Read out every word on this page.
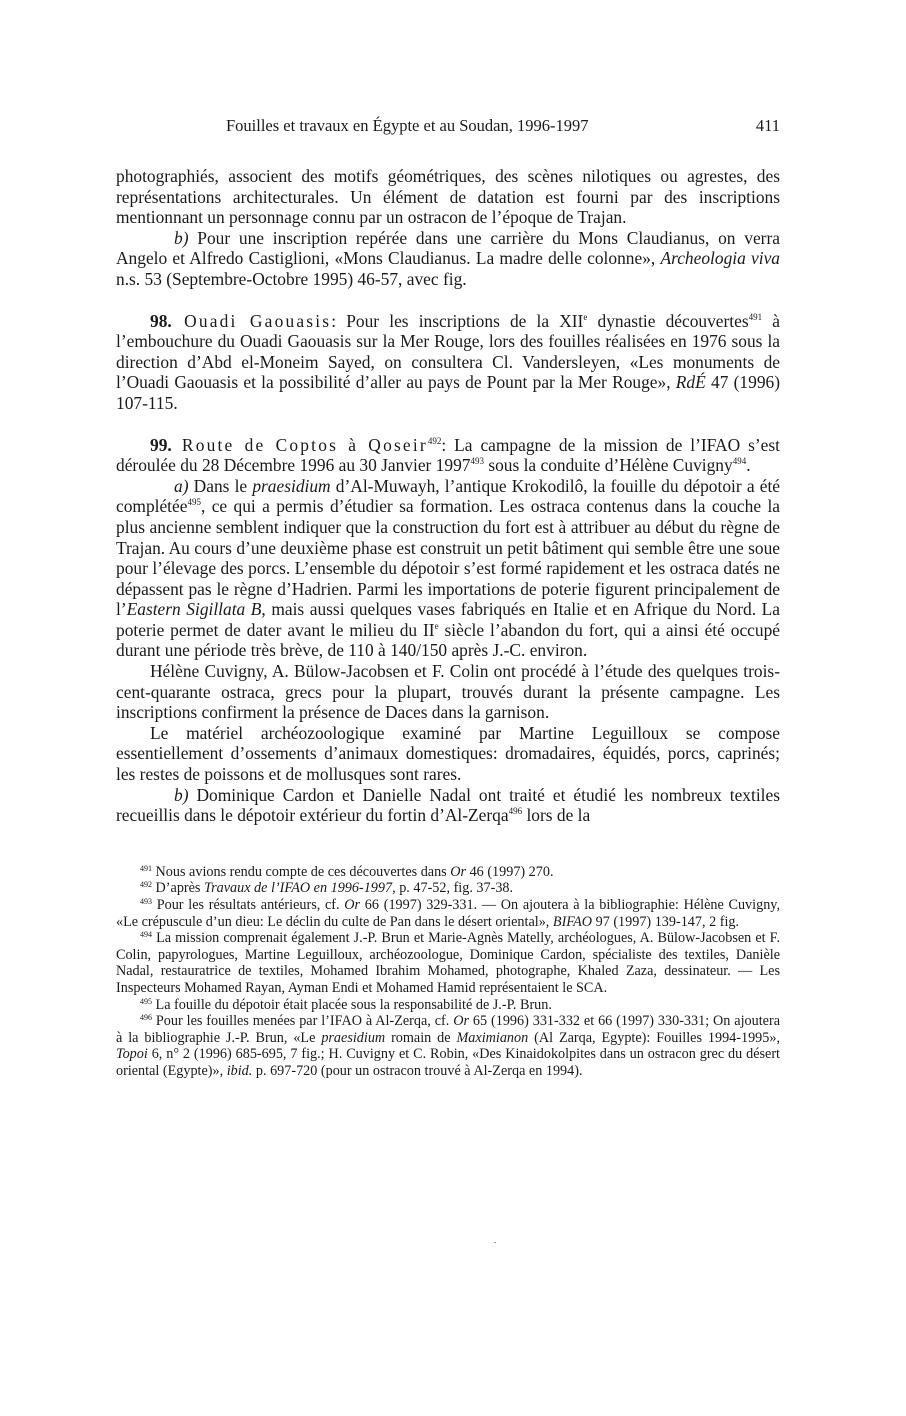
Fouilles et travaux en Égypte et au Soudan, 1996-1997	411

photographiés, associent des motifs géométriques, des scènes nilotiques ou agrestes, des représentations architecturales. Un élément de datation est fourni par des inscriptions mentionnant un personnage connu par un ostracon de l’époque de Trajan.

b) Pour une inscription repérée dans une carrière du Mons Claudianus, on verra Angelo et Alfredo Castiglioni, «Mons Claudianus. La madre delle colonne», Archeologia viva n.s. 53 (Septembre-Octobre 1995) 46-57, avec fig.

98. Ouadi Gaouasis: Pour les inscriptions de la XIIe dynastie découvertes$^{491}$ à l’embouchure du Ouadi Gaouasis sur la Mer Rouge, lors des fouilles réalisées en 1976 sous la direction d’Abd el-Moneim Sayed, on consultera Cl. Vandersleyen, «Les monuments de l’Ouadi Gaouasis et la possibilité d’aller au pays de Pount par la Mer Rouge», RdÉ 47 (1996) 107-115.

99. Route de Coptos à Qoseir$^{492}$: La campagne de la mission de l’IFAO s’est déroulée du 28 Décembre 1996 au 30 Janvier 1997$^{493}$ sous la conduite d’Hélène Cuvigny$^{494}$.

a) Dans le praesidium d’Al-Muwayh, l’antique Krokodilô, la fouille du dépotoir a été complétée$^{495}$, ce qui a permis d’étudier sa formation. Les ostraca contenus dans la couche la plus ancienne semblent indiquer que la construction du fort est à attribuer au début du règne de Trajan. Au cours d’une deuxième phase est construit un petit bâtiment qui semble être une soue pour l’élevage des porcs. L’ensemble du dépotoir s’est formé rapidement et les ostraca datés ne dépassent pas le règne d’Hadrien. Parmi les importations de poterie figurent principalement de l’Eastern Sigillata B, mais aussi quelques vases fabriqués en Italie et en Afrique du Nord. La poterie permet de dater avant le milieu du IIe siècle l’abandon du fort, qui a ainsi été occupé durant une période très brève, de 110 à 140/150 après J.-C. environ.

Hélène Cuvigny, A. Bülow-Jacobsen et F. Colin ont procédé à l’étude des quelques trois-cent-quarante ostraca, grecs pour la plupart, trouvés durant la présente campagne. Les inscriptions confirment la présence de Daces dans la garnison.

Le matériel archéozoologique examiné par Martine Leguilloux se compose essentiellement d’ossements d’animaux domestiques: dromadaires, équidés, porcs, caprinés; les restes de poissons et de mollusques sont rares.

b) Dominique Cardon et Danielle Nadal ont traité et étudié les nombreux textiles recueillis dans le dépotoir extérieur du fortin d’Al-Zerqa$^{496}$ lors de la

$^{491}$ Nous avions rendu compte de ces découvertes dans Or 46 (1997) 270.

$^{492}$ D’après Travaux de l’IFAO en 1996-1997, p. 47-52, fig. 37-38.

$^{493}$ Pour les résultats antérieurs, cf. Or 66 (1997) 329-331. — On ajoutera à la bibliographie: Hélène Cuvigny, «Le crépuscule d’un dieu: Le déclin du culte de Pan dans le désert oriental», BIFAO 97 (1997) 139-147, 2 fig.

$^{494}$ La mission comprenait également J.-P. Brun et Marie-Agnès Matelly, archéologues, A. Bülow-Jacobsen et F. Colin, papyrologues, Martine Leguilloux, archéozoologue, Dominique Cardon, spécialiste des textiles, Danièle Nadal, restauratrice de textiles, Mohamed Ibrahim Mohamed, photographe, Khaled Zaza, dessinateur. — Les Inspecteurs Mohamed Rayan, Ayman Endi et Mohamed Hamid représentaient le SCA.

$^{495}$ La fouille du dépotoir était placée sous la responsabilité de J.-P. Brun.

$^{496}$ Pour les fouilles menées par l’IFAO à Al-Zerqa, cf. Or 65 (1996) 331-332 et 66 (1997) 330-331; On ajoutera à la bibliographie J.-P. Brun, «Le praesidium romain de Maximianon (Al Zarqa, Egypte): Fouilles 1994-1995», Topoi 6, n° 2 (1996) 685-695, 7 fig.; H. Cuvigny et C. Robin, «Des Kinaidokolpites dans un ostracon grec du désert oriental (Egypte)», ibid. p. 697-720 (pour un ostracon trouvé à Al-Zerqa en 1994).
